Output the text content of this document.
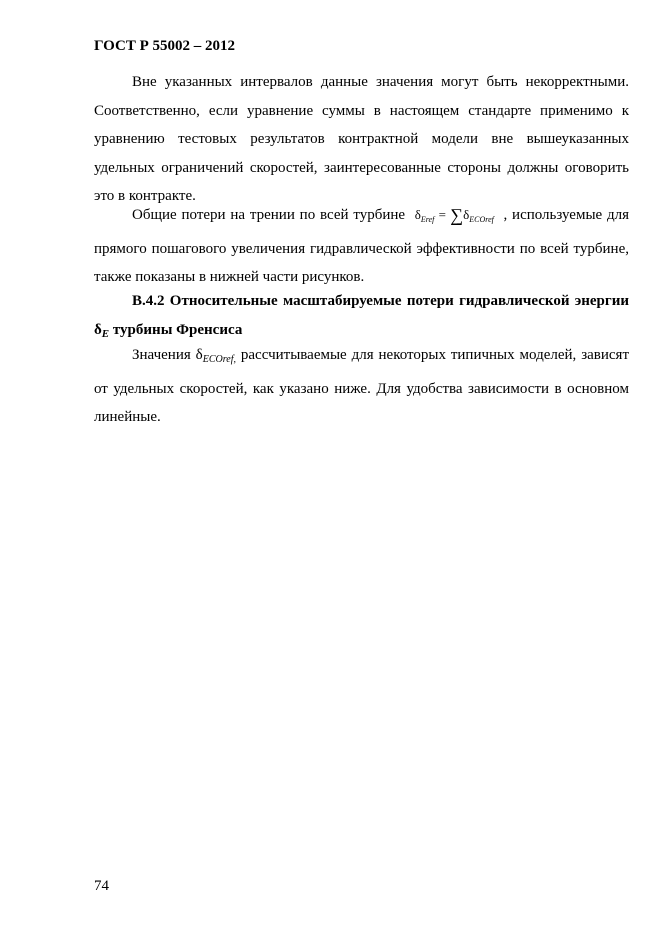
ГОСТ Р 55002 – 2012

Вне указанных интервалов данные значения могут быть некорректными. Соответственно, если уравнение суммы в настоящем стандарте применимо к уравнению тестовых результатов контрактной модели вне вышеуказанных удельных ограничений скоростей, заинтересованные стороны должны оговорить это в контракте.

Общие потери на трении по всей турбине $\delta_{Eref} = \sum\delta_{ECOref}$ , используемые для прямого пошагового увеличения гидравлической эффективности по всей турбине, также показаны в нижней части рисунков.

В.4.2 Относительные масштабируемые потери гидравлической энергии $\delta_E$ турбины Френсиса

Значения $\delta_{ECOref,}$ рассчитываемые для некоторых типичных моделей, зависят от удельных скоростей, как указано ниже. Для удобства зависимости в основном линейные.

74
